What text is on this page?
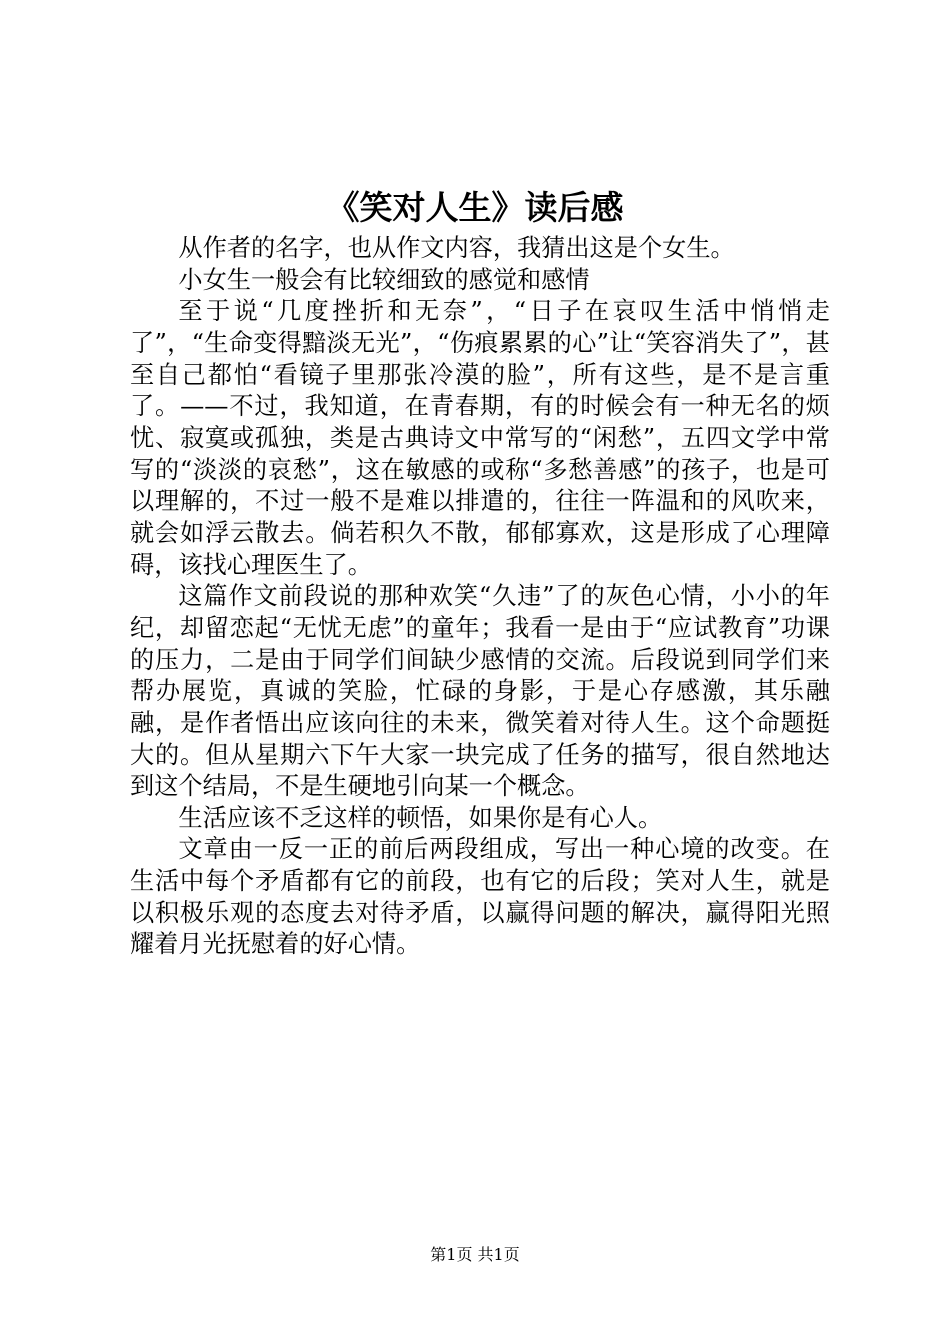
《笑对人生》读后感

从作者的名字，也从作文内容，我猜出这是个女生。

小女生一般会有比较细致的感觉和感情

至于说“几度挫折和无奈”，“日子在哀叹生活中悄悄走了”，“生命变得黯淡无光”，“伤痕累累的心”让“笑容消失了”，甚至自己都怕“看镜子里那张冷漠的脸”，所有这些，是不是言重了。——不过，我知道，在青春期，有的时候会有一种无名的烦忧、寂寞或孤独，类是古典诗文中常写的“闲愁”，五四文学中常写的“淡淡的哀愁”，这在敏感的或称“多愁善感”的孩子，也是可以理解的，不过一般不是难以排遣的，往往一阵温和的风吹来，就会如浮云散去。倘若积久不散，郁郁寡欢，这是形成了心理障碍，该找心理医生了。

这篇作文前段说的那种欢笑“久违”了的灰色心情，小小的年纪，却留恋起“无忧无虑”的童年；我看一是由于“应试教育”功课的压力，二是由于同学们间缺少感情的交流。后段说到同学们来帮办展览，真诚的笑脸，忙碌的身影，于是心存感激，其乐融融，是作者悟出应该向往的未来，微笑着对待人生。这个命题挺大的。但从星期六下午大家一块完成了任务的描写，很自然地达到这个结局，不是生硬地引向某一个概念。

生活应该不乏这样的顿悟，如果你是有心人。

文章由一反一正的前后两段组成，写出一种心境的改变。在生活中每个矛盾都有它的前段，也有它的后段；笑对人生，就是以积极乐观的态度去对待矛盾，以赢得问题的解决，赢得阳光照耀着月光抚慰着的好心情。

第1页 共1页
